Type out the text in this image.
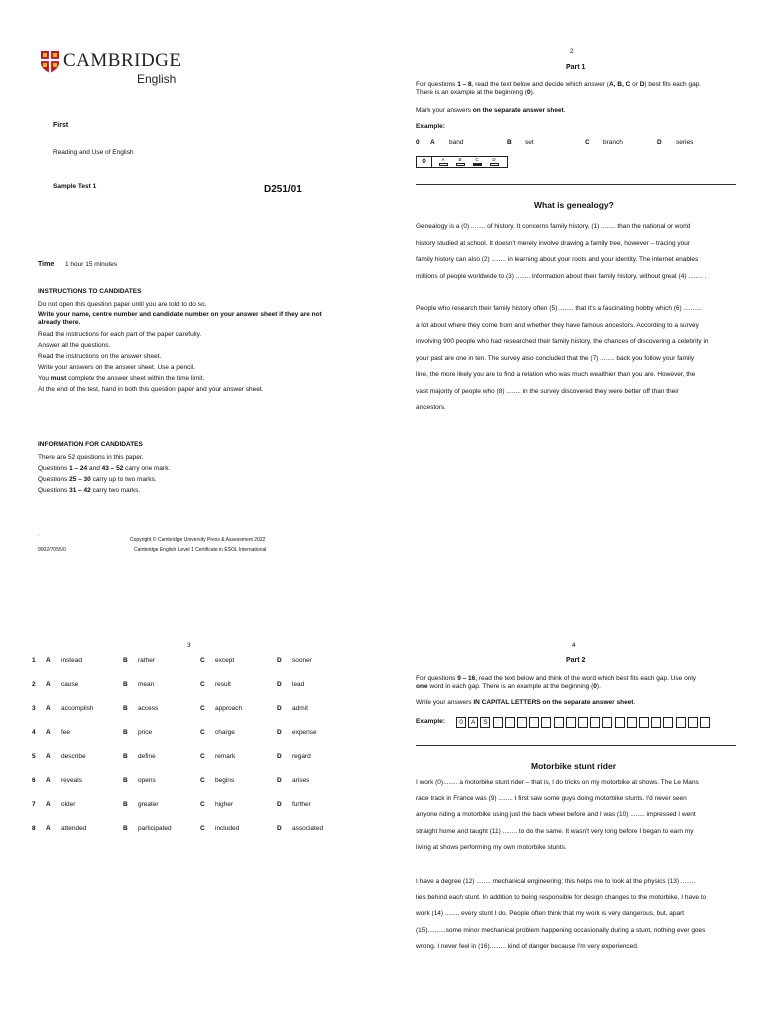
CAMBRIDGE
English
First
Reading and Use of English
Sample Test 1	D251/01
Time 1 hour 15 minutes
INSTRUCTIONS TO CANDIDATES
Do not open this question paper until you are told to do so.
Write your name, centre number and candidate number on your answer sheet if they are not already there.
Read the instructions for each part of the paper carefully.
Answer all the questions.
Read the instructions on the answer sheet.
Write your answers on the answer sheet. Use a pencil.
You must complete the answer sheet within the time limit.
At the end of the test, hand in both this question paper and your answer sheet.
INFORMATION FOR CANDIDATES
There are 52 questions in this paper.
Questions 1 – 24 and 43 – 52 carry one mark.
Questions 25 – 30 carry up to two marks.
Questions 31 – 42 carry two marks.
·
Copyright © Cambridge University Press & Assessment 2022
9002/7055/0	Cambridge English Level 1 Certificate in ESOL International
2
Part 1
For questions 1 – 8, read the text below and decide which answer (A, B, C or D) best fits each gap.
There is an example at the beginning (0).
Mark your answers on the separate answer sheet.
Example:
0 A band	B set	C branch	D series
0	A	B	C	D
What is genealogy?
Genealogy is a (0) ........ of history. It concerns family history, (1) ........ than the national or world
history studied at school. It doesn't merely involve drawing a family tree, however – tracing your
family history can also (2) ........ in learning about your roots and your identity. The internet enables
millions of people worldwide to (3) ........ information about their family history, without great (4) ........ .
People who research their family history often (5) ........ that it's a fascinating hobby which (6) ..........
a lot about where they come from and whether they have famous ancestors. According to a survey
involving 900 people who had researched their family history, the chances of discovering a celebrity in
your past are one in ten. The survey also concluded that the (7) ........ back you follow your family
line, the more likely you are to find a relation who was much wealthier than you are. However, the
vast majority of people who (8) ........ in the survey discovered they were better off than their
ancestors.
3
1 A instead	B rather	C except	D sooner
2 A cause	B mean	C result	D lead
3 A accomplish	B access	C approach	D admit
4 A fee	B price	C charge	D expense
5 A describe	B define	C remark	D regard
6 A reveals	B opens	C begins	D arises
7 A older	B greater	C higher	D further
8 A attended	B participated	C included	D associated
4
Part 2
For questions 9 – 16, read the text below and think of the word which best fits each gap. Use only
one word in each gap. There is an example at the beginning (0).
Write your answers IN CAPITAL LETTERS on the separate answer sheet.
Example:	0	A	S
Motorbike stunt rider
I work (0)........ a motorbike stunt rider – that is, I do tricks on my motorbike at shows. The Le Mans
race track in France was (9) ........ I first saw some guys doing motorbike stunts. I'd never seen
anyone riding a motorbike using just the back wheel before and I was (10) ........ impressed I went
straight home and taught (11) ........ to do the same. It wasn't very long before I began to earn my
living at shows performing my own motorbike stunts.
I have a degree (12) ........ mechanical engineering; this helps me to look at the physics (13) ........
lies behind each stunt. In addition to being responsible for design changes to the motorbike, I have to
work (14) ........ every stunt I do. People often think that my work is very dangerous, but, apart
(15)..........some minor mechanical problem happening occasionally during a stunt, nothing ever goes
wrong. I never feel in (16)......... kind of danger because I'm very experienced.
